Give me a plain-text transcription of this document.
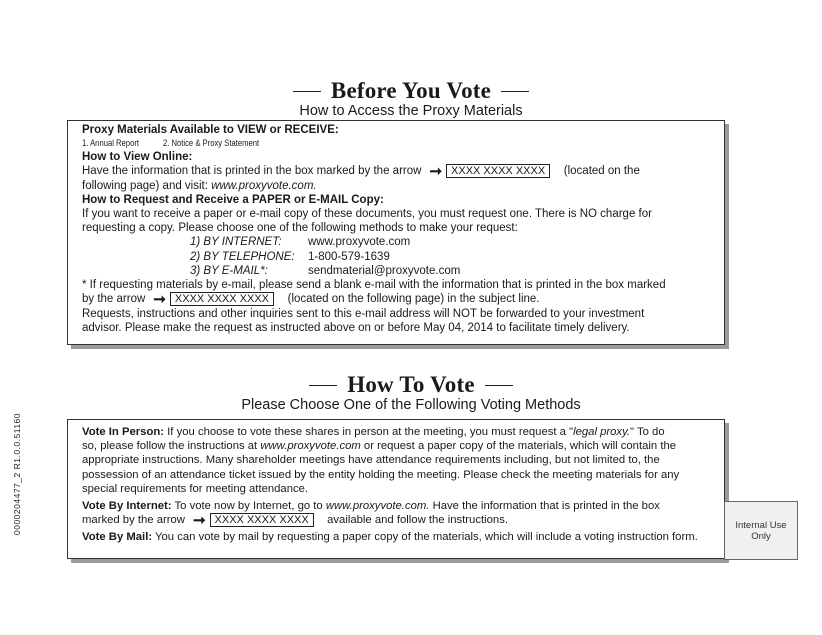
Before You Vote
How to Access the Proxy Materials
Proxy Materials Available to VIEW or RECEIVE:
1. Annual Report	2. Notice & Proxy Statement
How to View Online:
Have the information that is printed in the box marked by the arrow ➞ XXXX XXXX XXXX (located on the
following page) and visit: www.proxyvote.com.
How to Request and Receive a PAPER or E-MAIL Copy:
If you want to receive a paper or e-mail copy of these documents, you must request one. There is NO charge for
requesting a copy. Please choose one of the following methods to make your request:
1) BY INTERNET:	www.proxyvote.com
2) BY TELEPHONE:	1-800-579-1639
3) BY E-MAIL*:	sendmaterial@proxyvote.com
* If requesting materials by e-mail, please send a blank e-mail with the information that is printed in the box marked
by the arrow ➞ XXXX XXXX XXXX (located on the following page) in the subject line.
Requests, instructions and other inquiries sent to this e-mail address will NOT be forwarded to your investment
advisor. Please make the request as instructed above on or before May 04, 2014 to facilitate timely delivery.
How To Vote
Please Choose One of the Following Voting Methods
0000204477_2 R1.0.0.51160	Vote In Person: If you choose to vote these shares in person at the meeting, you must request a "legal proxy." To do
so, please follow the instructions at www.proxyvote.com or request a paper copy of the materials, which will contain the
appropriate instructions. Many shareholder meetings have attendance requirements including, but not limited to, the
possession of an attendance ticket issued by the entity holding the meeting. Please check the meeting materials for any
special requirements for meeting attendance.
Vote By Internet: To vote now by Internet, go to www.proxyvote.com. Have the information that is printed in the box
marked by the arrow ➞ XXXX XXXX XXXX available and follow the instructions.
Vote By Mail: You can vote by mail by requesting a paper copy of the materials, which will include a voting instruction form.
Internal Use Only
